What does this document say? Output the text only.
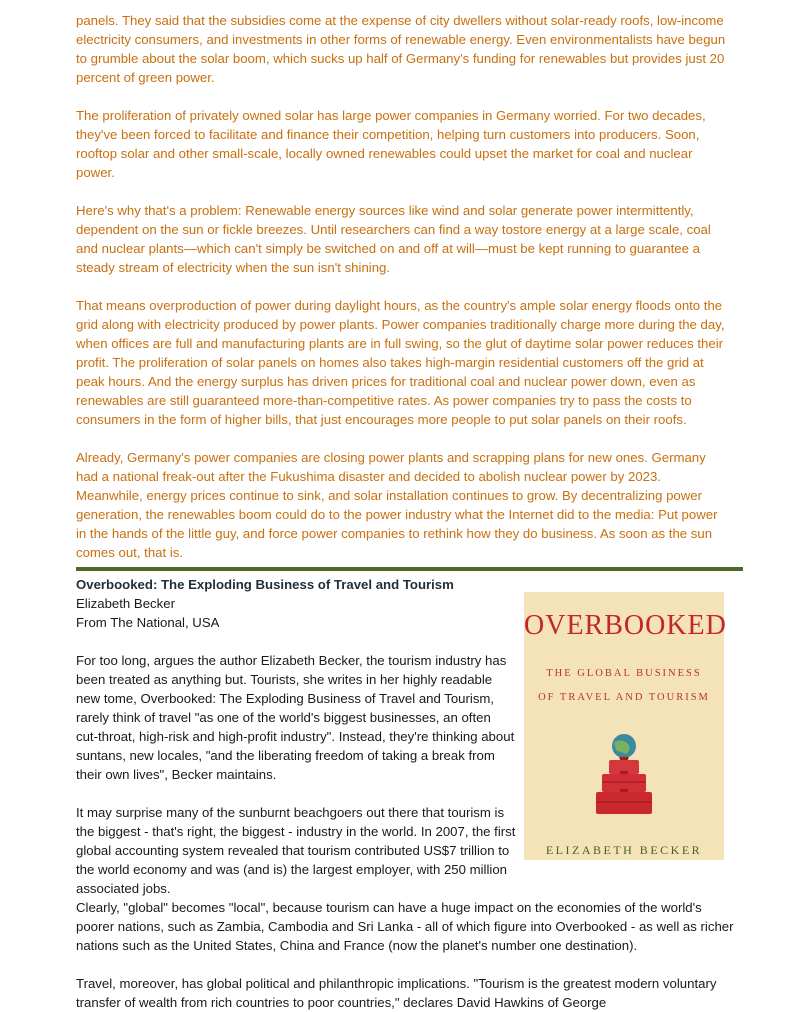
panels. They said that the subsidies come at the expense of city dwellers without solar-ready roofs, low-income electricity consumers, and investments in other forms of renewable energy. Even environmentalists have begun to grumble about the solar boom, which sucks up half of Germany's funding for renewables but provides just 20 percent of green power.

The proliferation of privately owned solar has large power companies in Germany worried. For two decades, they've been forced to facilitate and finance their competition, helping turn customers into producers. Soon, rooftop solar and other small-scale, locally owned renewables could upset the market for coal and nuclear power.

Here's why that's a problem: Renewable energy sources like wind and solar generate power intermittently, dependent on the sun or fickle breezes. Until researchers can find a way tostore energy at a large scale, coal and nuclear plants—which can't simply be switched on and off at will—must be kept running to guarantee a steady stream of electricity when the sun isn't shining.

That means overproduction of power during daylight hours, as the country's ample solar energy floods onto the grid along with electricity produced by power plants. Power companies traditionally charge more during the day, when offices are full and manufacturing plants are in full swing, so the glut of daytime solar power reduces their profit. The proliferation of solar panels on homes also takes high-margin residential customers off the grid at peak hours. And the energy surplus has driven prices for traditional coal and nuclear power down, even as renewables are still guaranteed more-than-competitive rates. As power companies try to pass the costs to consumers in the form of higher bills, that just encourages more people to put solar panels on their roofs.

Already, Germany's power companies are closing power plants and scrapping plans for new ones. Germany had a national freak-out after the Fukushima disaster and decided to abolish nuclear power by 2023. Meanwhile, energy prices continue to sink, and solar installation continues to grow. By decentralizing power generation, the renewables boom could do to the power industry what the Internet did to the media: Put power in the hands of the little guy, and force power companies to rethink how they do business. As soon as the sun comes out, that is.

Overbooked: The Exploding Business of Travel and Tourism
Elizabeth Becker
From The National, USA

For too long, argues the author Elizabeth Becker, the tourism industry has been treated as anything but. Tourists, she writes in her highly readable new tome, Overbooked: The Exploding Business of Travel and Tourism, rarely think of travel "as one of the world's biggest businesses, an often cut-throat, high-risk and high-profit industry". Instead, they're thinking about suntans, new locales, "and the liberating freedom of taking a break from their own lives", Becker maintains.

It may surprise many of the sunburnt beachgoers out there that tourism is the biggest - that's right, the biggest - industry in the world. In 2007, the first global accounting system revealed that tourism contributed US$7 trillion to the world economy and was (and is) the largest employer, with 250 million associated jobs.

Clearly, "global" becomes "local", because tourism can have a huge impact on the economies of the world's poorer nations, such as Zambia, Cambodia and Sri Lanka - all of which figure into Overbooked - as well as richer nations such as the United States, China and France (now the planet's number one destination).

Travel, moreover, has global political and philanthropic implications. "Tourism is the greatest modern voluntary transfer of wealth from rich countries to poor countries," declares David Hawkins of George

OVERBOOKED
THE GLOBAL BUSINESS
OF TRAVEL AND TOURISM
ELIZABETH BECKER
